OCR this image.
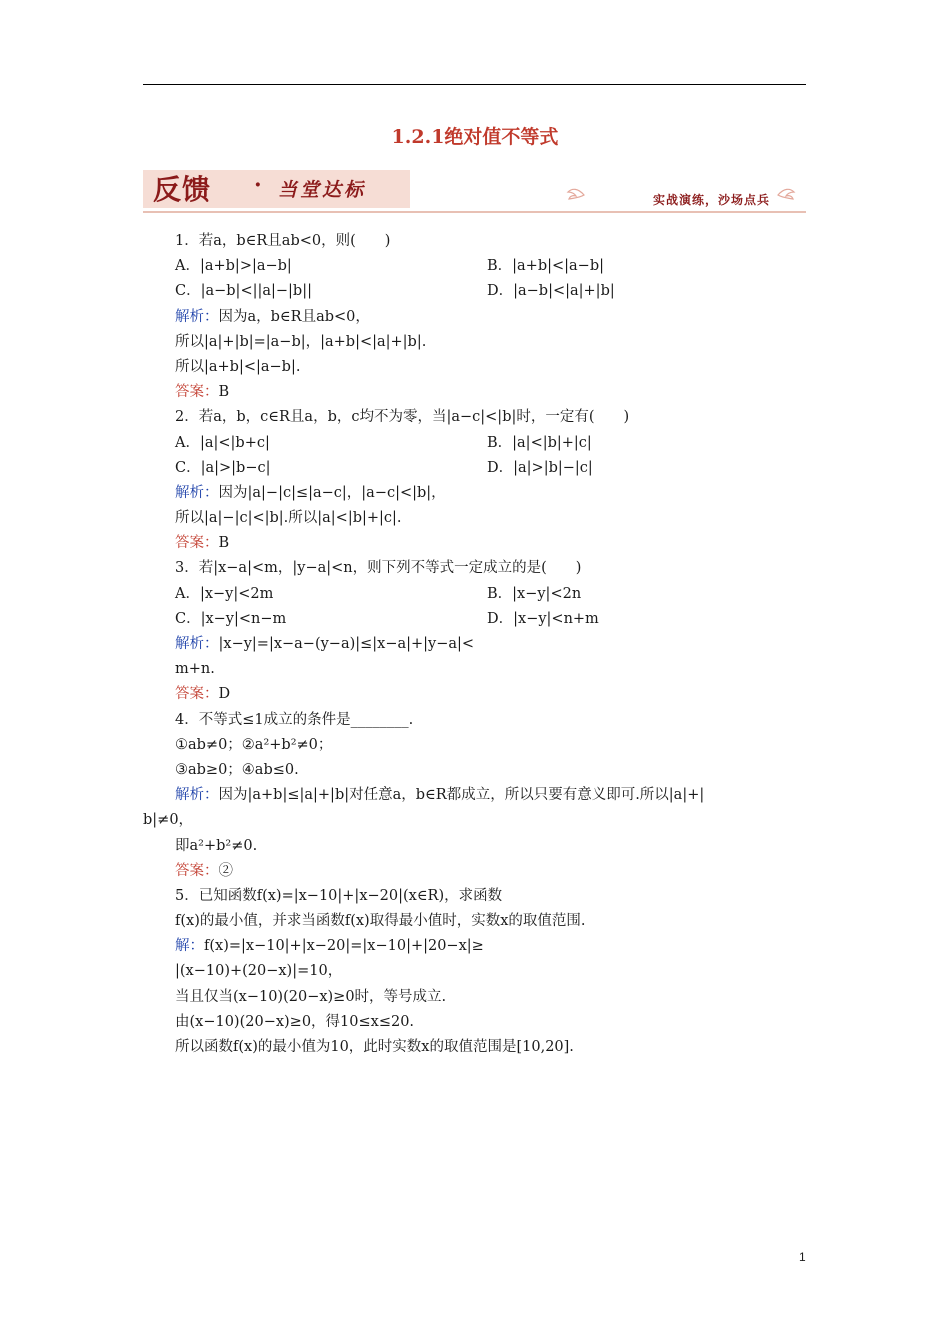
1.2.1绝对值不等式
反馈 · 当堂达标	实战演练，沙场点兵
1．若a，b∈R且ab<0，则(　　)
A．|a+b|>|a−b|	B．|a+b|<|a−b|
C．|a−b|<||a|−|b||	D．|a−b|<|a|+|b|
解析：因为a，b∈R且ab<0，
所以|a|+|b|=|a−b|，|a+b|<|a|+|b|.
所以|a+b|<|a−b|.
答案：B
2．若a，b，c∈R且a，b，c均不为零，当|a−c|<|b|时，一定有(　　)
A．|a|<|b+c|	B．|a|<|b|+|c|
C．|a|>|b−c|	D．|a|>|b|−|c|
解析：因为|a|−|c|≤|a−c|，|a−c|<|b|，
所以|a|−|c|<|b|.所以|a|<|b|+|c|.
答案：B
3．若|x−a|<m，|y−a|<n，则下列不等式一定成立的是(　　)
A．|x−y|<2m	B．|x−y|<2n
C．|x−y|<n−m	D．|x−y|<n+m
解析：|x−y|=|x−a−(y−a)|≤|x−a|+|y−a|<
m+n.
答案：D
4．不等式≤1成立的条件是________.
①ab≠0；②a²+b²≠0；
③ab≥0；④ab≤0.
解析：因为|a+b|≤|a|+|b|对任意a，b∈R都成立，所以只要有意义即可.所以|a|+|
b|≠0，
即a²+b²≠0.
答案：②
5．已知函数f(x)=|x−10|+|x−20|(x∈R)，求函数
f(x)的最小值，并求当函数f(x)取得最小值时，实数x的取值范围.
解：f(x)=|x−10|+|x−20|=|x−10|+|20−x|≥
|(x−10)+(20−x)|=10，
当且仅当(x−10)(20−x)≥0时，等号成立.
由(x−10)(20−x)≥0，得10≤x≤20.
所以函数f(x)的最小值为10，此时实数x的取值范围是[10,20].
1
